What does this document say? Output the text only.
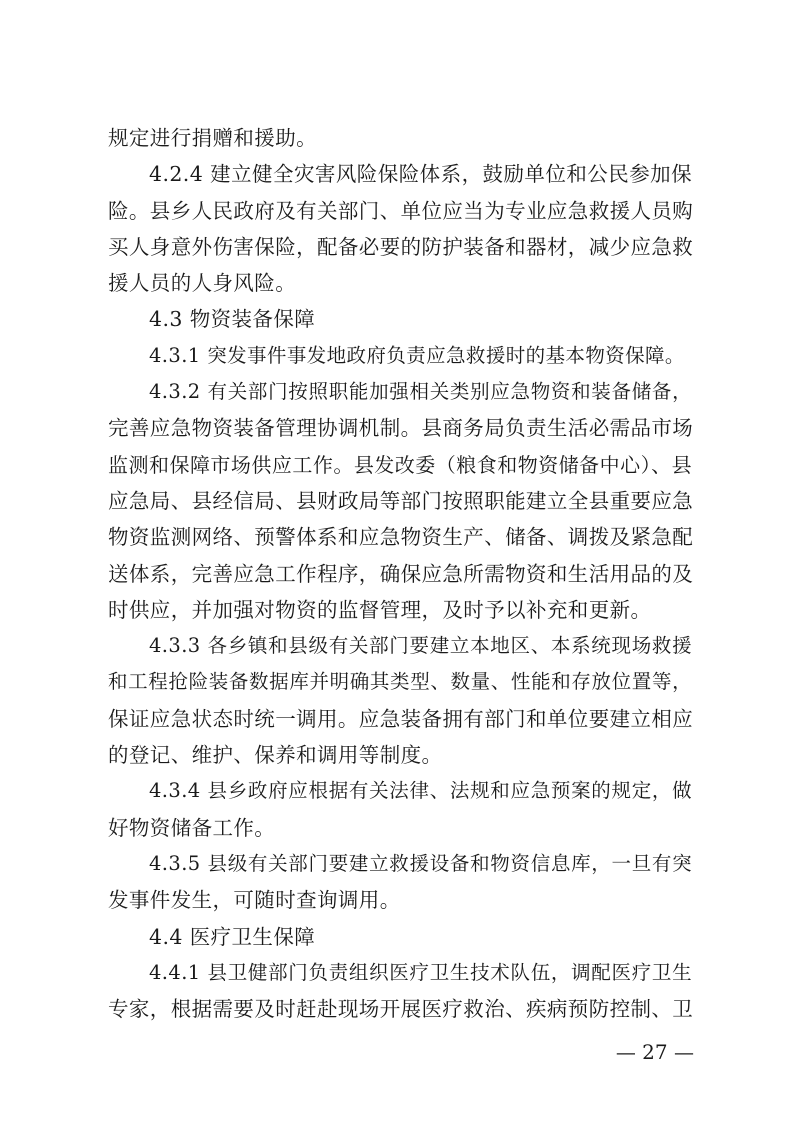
规定进行捐赠和援助。
4.2.4 建立健全灾害风险保险体系，鼓励单位和公民参加保
险。县乡人民政府及有关部门、单位应当为专业应急救援人员购
买人身意外伤害保险，配备必要的防护装备和器材，减少应急救
援人员的人身风险。
4.3 物资装备保障
4.3.1 突发事件事发地政府负责应急救援时的基本物资保障。
4.3.2 有关部门按照职能加强相关类别应急物资和装备储备，
完善应急物资装备管理协调机制。县商务局负责生活必需品市场
监测和保障市场供应工作。县发改委（粮食和物资储备中心）、县
应急局、县经信局、县财政局等部门按照职能建立全县重要应急
物资监测网络、预警体系和应急物资生产、储备、调拨及紧急配
送体系，完善应急工作程序，确保应急所需物资和生活用品的及
时供应，并加强对物资的监督管理，及时予以补充和更新。
4.3.3 各乡镇和县级有关部门要建立本地区、本系统现场救援
和工程抢险装备数据库并明确其类型、数量、性能和存放位置等，
保证应急状态时统一调用。应急装备拥有部门和单位要建立相应
的登记、维护、保养和调用等制度。
4.3.4 县乡政府应根据有关法律、法规和应急预案的规定，做
好物资储备工作。
4.3.5 县级有关部门要建立救援设备和物资信息库，一旦有突
发事件发生，可随时查询调用。
4.4 医疗卫生保障
4.4.1 县卫健部门负责组织医疗卫生技术队伍，调配医疗卫生
专家，根据需要及时赶赴现场开展医疗救治、疾病预防控制、卫
— 27 —
